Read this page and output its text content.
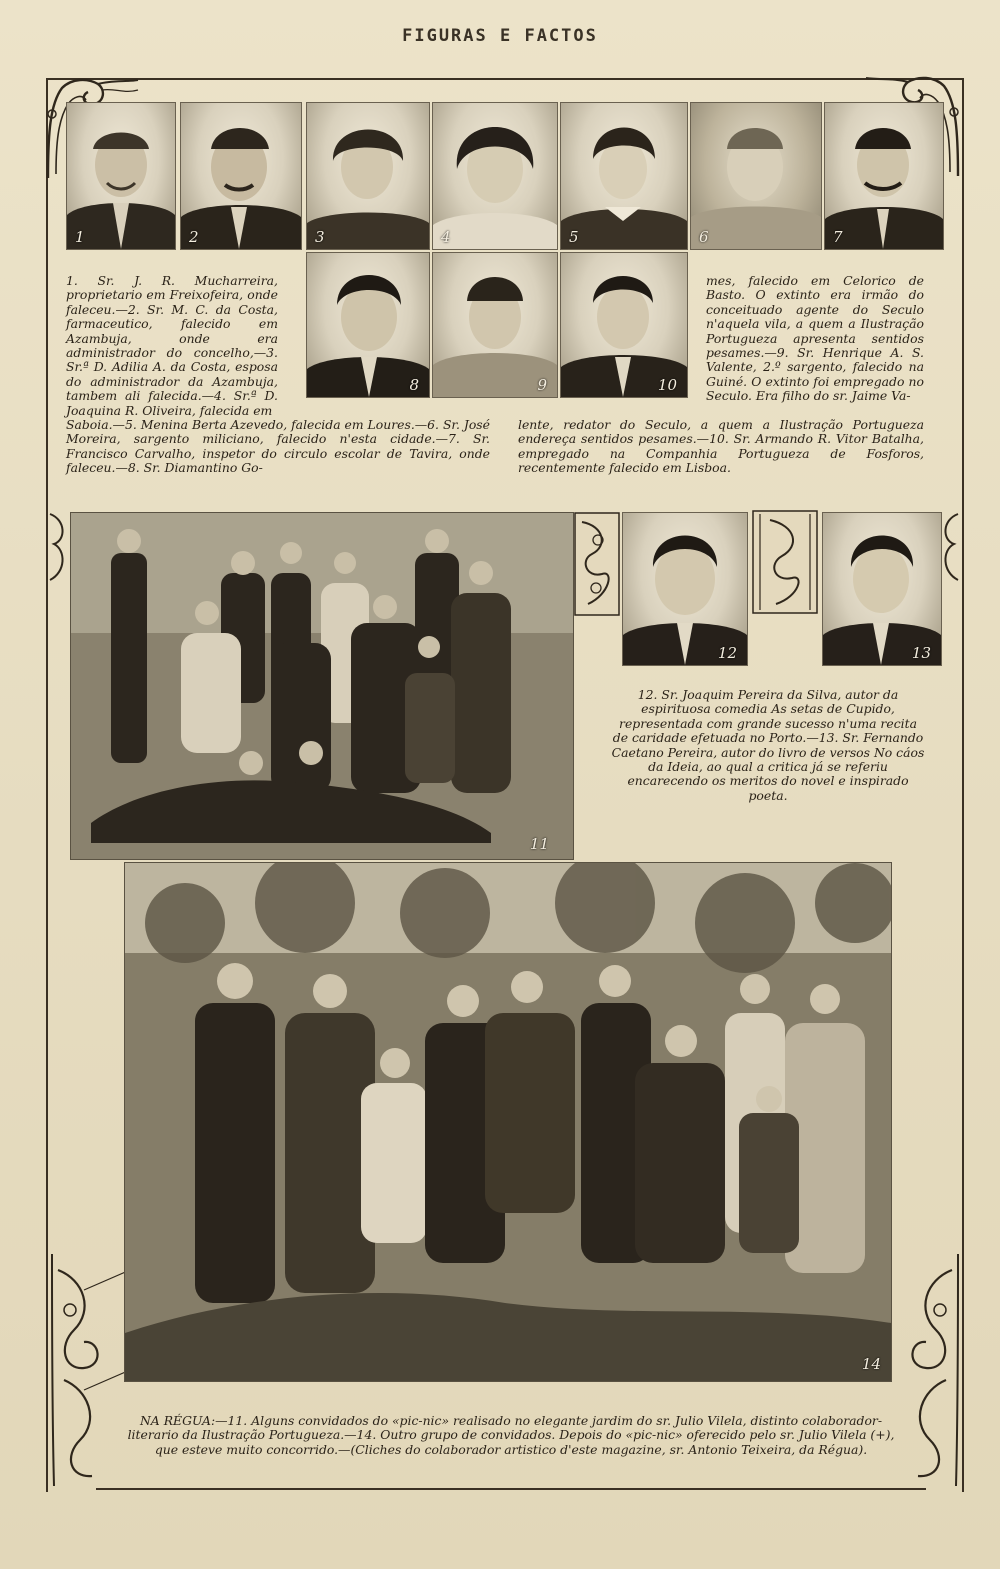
FIGURAS E FACTOS
1	2	3	4	5	6	7
8	9	10
1. Sr. J. R. Mucharreira, proprietario em Freixofeira, onde faleceu.—2. Sr. M. C. da Costa, farmaceutico, falecido em Azambuja, onde era administrador do concelho,—3. Sr.ª D. Adilia A. da Costa, esposa do administrador da Azambuja, tambem ali falecida.—4. Sr.ª D. Joaquina R. Oliveira, falecida em
Saboia.—5. Menina Berta Azevedo, falecida em Loures.—6. Sr. José Moreira, sargento miliciano, falecido n'esta cidade.—7. Sr. Francisco Carvalho, inspetor do circulo escolar de Tavira, onde faleceu.—8. Sr. Diamantino Go-
mes, falecido em Celorico de Basto. O extinto era irmão do conceituado agente do Seculo n'aquela vila, a quem a Ilustração Portugueza apresenta sentidos pesames.—9. Sr. Henrique A. S. Valente, 2.º sargento, falecido na Guiné. O extinto foi empregado no Seculo. Era filho do sr. Jaime Va-
lente, redator do Seculo, a quem a Ilustração Portugueza endereça sentidos pesames.—10. Sr. Armando R. Vitor Batalha, empregado na Companhia Portugueza de Fosforos, recentemente falecido em Lisboa.
11
12	13
12. Sr. Joaquim Pereira da Silva, autor da espirituosa comedia As setas de Cupido, representada com grande sucesso n'uma recita de caridade efetuada no Porto.—13. Sr. Fernando Caetano Pereira, autor do livro de versos No cáos da Ideia, ao qual a critica já se referiu encarecendo os meritos do novel e inspirado poeta.
14
NA RÉGUA:—11. Alguns convidados do «pic-nic» realisado no elegante jardim do sr. Julio Vilela, distinto colaborador-literario da Ilustração Portugueza.—14. Outro grupo de convidados. Depois do «pic-nic» oferecido pelo sr. Julio Vilela (+), que esteve muito concorrido.—(Cliches do colaborador artistico d'este magazine, sr. Antonio Teixeira, da Régua).
